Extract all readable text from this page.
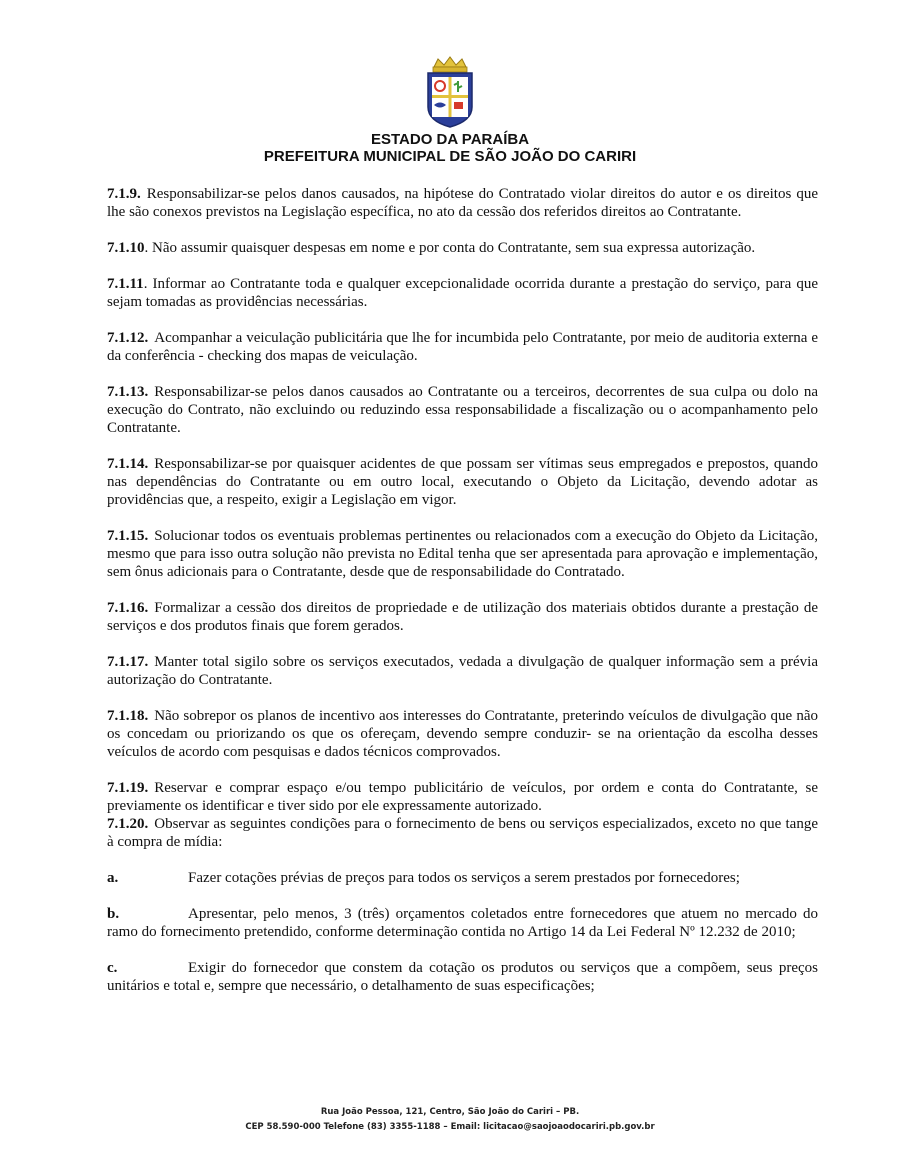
ESTADO DA PARAÍBA

PREFEITURA MUNICIPAL DE SÃO JOÃO DO CARIRI

7.1.9. Responsabilizar-se pelos danos causados, na hipótese do Contratado violar direitos do autor e os direitos que lhe são conexos previstos na Legislação específica, no ato da cessão dos referidos direitos ao Contratante.

7.1.10. Não assumir quaisquer despesas em nome e por conta do Contratante, sem sua expressa autorização.

7.1.11. Informar ao Contratante toda e qualquer excepcionalidade ocorrida durante a prestação do serviço, para que sejam tomadas as providências necessárias.

7.1.12. Acompanhar a veiculação publicitária que lhe for incumbida pelo Contratante, por meio de auditoria externa e da conferência - checking dos mapas de veiculação.

7.1.13. Responsabilizar-se pelos danos causados ao Contratante ou a terceiros, decorrentes de sua culpa ou dolo na execução do Contrato, não excluindo ou reduzindo essa responsabilidade a fiscalização ou o acompanhamento pelo Contratante.

7.1.14. Responsabilizar-se por quaisquer acidentes de que possam ser vítimas seus empregados e prepostos, quando nas dependências do Contratante ou em outro local, executando o Objeto da Licitação, devendo adotar as providências que, a respeito, exigir a Legislação em vigor.

7.1.15. Solucionar todos os eventuais problemas pertinentes ou relacionados com a execução do Objeto da Licitação, mesmo que para isso outra solução não prevista no Edital tenha que ser apresentada para aprovação e implementação, sem ônus adicionais para o Contratante, desde que de responsabilidade do Contratado.

7.1.16. Formalizar a cessão dos direitos de propriedade e de utilização dos materiais obtidos durante a prestação de serviços e dos produtos finais que forem gerados.

7.1.17. Manter total sigilo sobre os serviços executados, vedada a divulgação de qualquer informação sem a prévia autorização do Contratante.

7.1.18. Não sobrepor os planos de incentivo aos interesses do Contratante, preterindo veículos de divulgação que não os concedam ou priorizando os que os ofereçam, devendo sempre conduzir- se na orientação da escolha desses veículos de acordo com pesquisas e dados técnicos comprovados.

7.1.19. Reservar e comprar espaço e/ou tempo publicitário de veículos, por ordem e conta do Contratante, se previamente os identificar e tiver sido por ele expressamente autorizado.

7.1.20. Observar as seguintes condições para o fornecimento de bens ou serviços especializados, exceto no que tange à compra de mídia:

a.	Fazer cotações prévias de preços para todos os serviços a serem prestados por fornecedores;

b.	Apresentar, pelo menos, 3 (três) orçamentos coletados entre fornecedores que atuem no mercado do ramo do fornecimento pretendido, conforme determinação contida no Artigo 14 da Lei Federal Nº 12.232 de 2010;

c.	Exigir do fornecedor que constem da cotação os produtos ou serviços que a compõem, seus preços unitários e total e, sempre que necessário, o detalhamento de suas especificações;

Rua João Pessoa, 121, Centro, São João do Cariri – PB.

CEP 58.590-000 Telefone (83) 3355-1188 – Email: licitacao@saojoaodocariri.pb.gov.br
